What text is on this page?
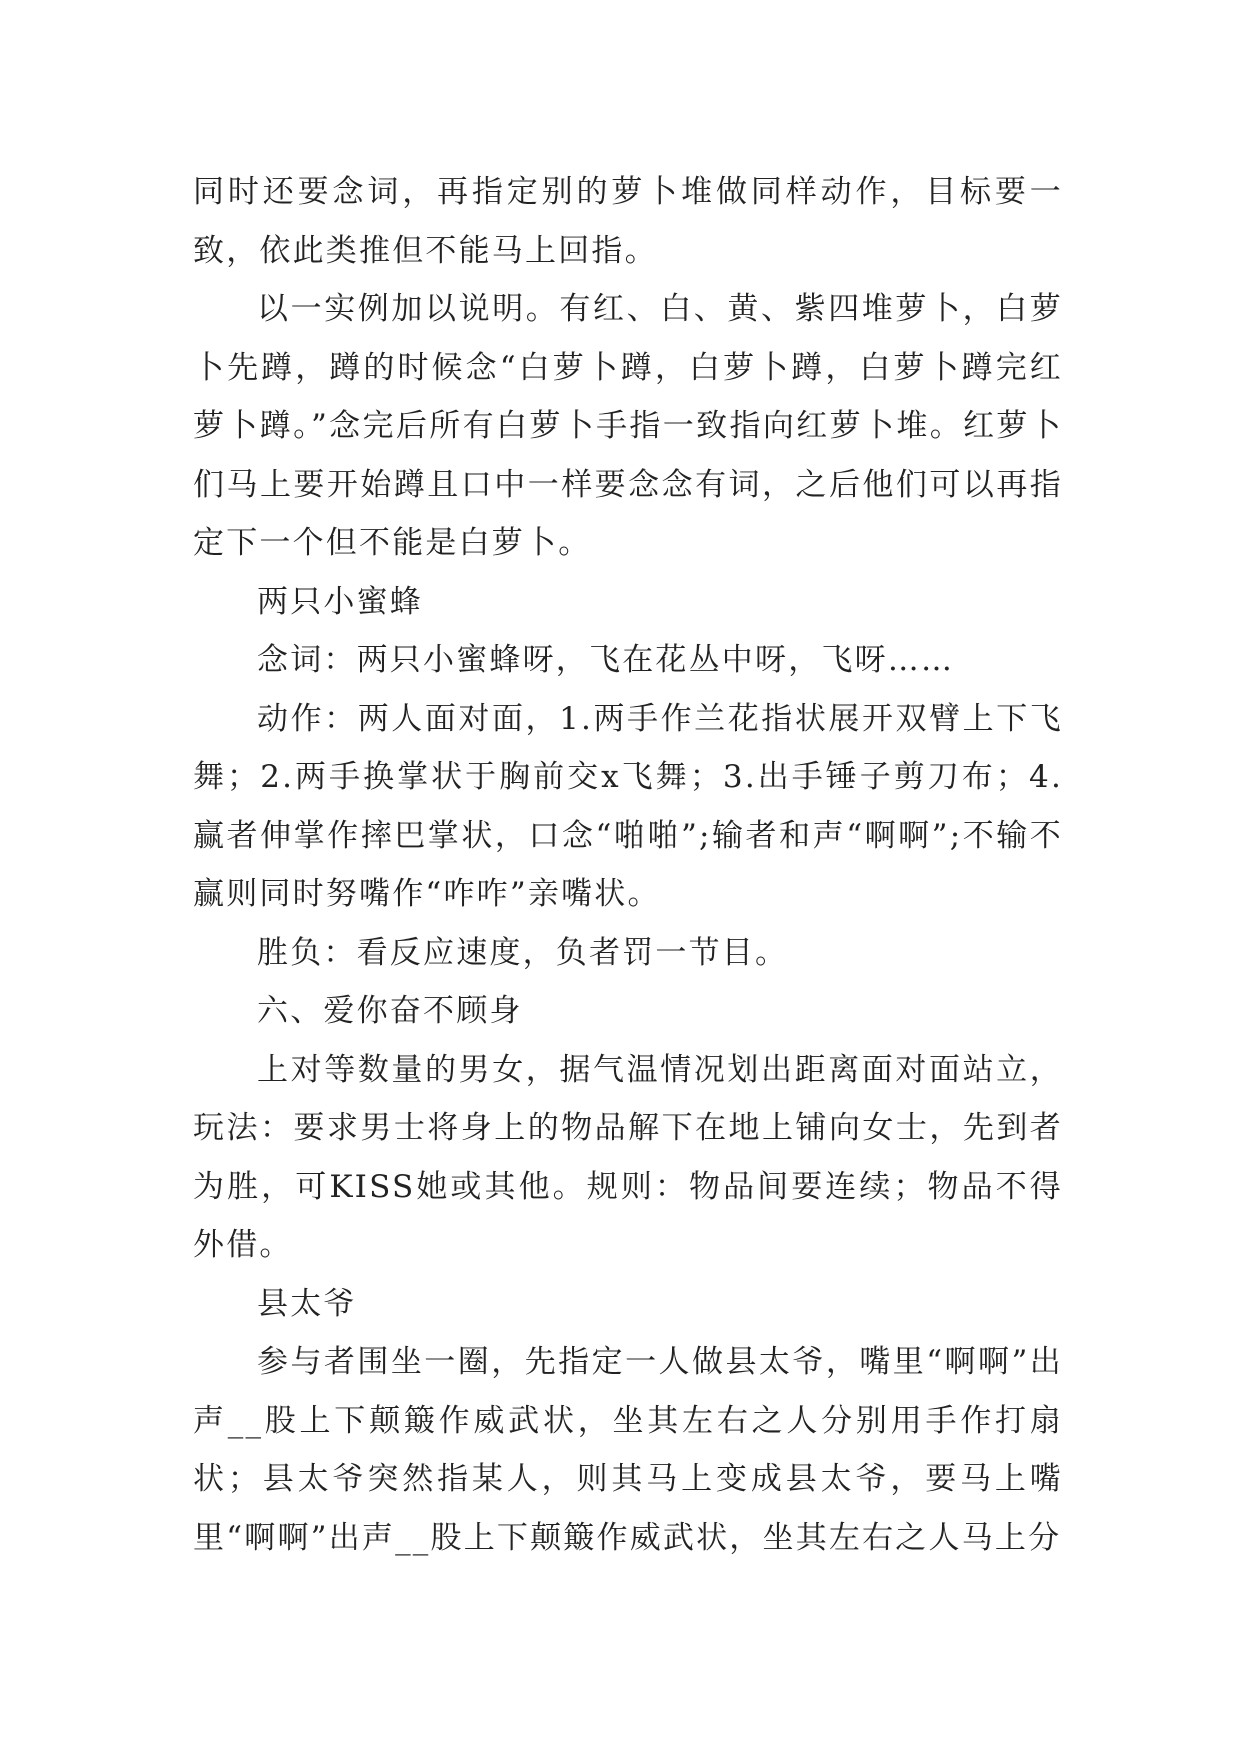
同时还要念词，再指定别的萝卜堆做同样动作，目标要一致，依此类推但不能马上回指。

以一实例加以说明。有红、白、黄、紫四堆萝卜，白萝卜先蹲，蹲的时候念“白萝卜蹲，白萝卜蹲，白萝卜蹲完红萝卜蹲。”念完后所有白萝卜手指一致指向红萝卜堆。红萝卜们马上要开始蹲且口中一样要念念有词，之后他们可以再指定下一个但不能是白萝卜。

两只小蜜蜂

念词：两只小蜜蜂呀，飞在花丛中呀，飞呀……

动作：两人面对面，1.两手作兰花指状展开双臂上下飞舞；2.两手换掌状于胸前交x飞舞；3.出手锤子剪刀布；4.赢者伸掌作摔巴掌状，口念“啪啪”;输者和声“啊啊”;不输不赢则同时努嘴作“咋咋”亲嘴状。

胜负：看反应速度，负者罚一节目。

六、爱你奋不顾身

上对等数量的男女，据气温情况划出距离面对面站立，玩法：要求男士将身上的物品解下在地上铺向女士，先到者为胜，可KISS她或其他。规则：物品间要连续；物品不得外借。

县太爷

参与者围坐一圈，先指定一人做县太爷，嘴里“啊啊”出声__股上下颠簸作威武状，坐其左右之人分别用手作打扇状；县太爷突然指某人，则其马上变成县太爷，要马上嘴里“啊啊”出声__股上下颠簸作威武状，坐其左右之人马上分
